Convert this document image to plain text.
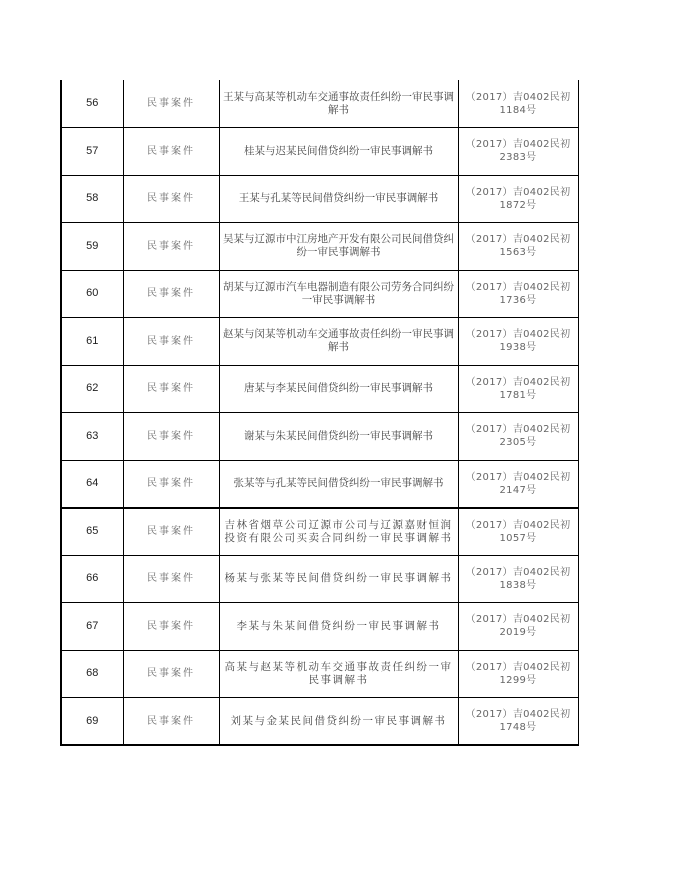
56	民事案件	王某与高某等机动车交通事故责任纠纷一审民事调解书	（2017）吉0402民初1184号
57	民事案件	桂某与迟某民间借贷纠纷一审民事调解书	（2017）吉0402民初2383号
58	民事案件	王某与孔某等民间借贷纠纷一审民事调解书	（2017）吉0402民初1872号
59	民事案件	吴某与辽源市中江房地产开发有限公司民间借贷纠纷一审民事调解书	（2017）吉0402民初1563号
60	民事案件	胡某与辽源市汽车电器制造有限公司劳务合同纠纷一审民事调解书	（2017）吉0402民初1736号
61	民事案件	赵某与闵某等机动车交通事故责任纠纷一审民事调解书	（2017）吉0402民初1938号
62	民事案件	唐某与李某民间借贷纠纷一审民事调解书	（2017）吉0402民初1781号
63	民事案件	谢某与朱某民间借贷纠纷一审民事调解书	（2017）吉0402民初2305号
64	民事案件	张某等与孔某等民间借贷纠纷一审民事调解书	（2017）吉0402民初2147号
65	民事案件	吉林省烟草公司辽源市公司与辽源嘉财恒润投资有限公司买卖合同纠纷一审民事调解书	（2017）吉0402民初1057号
66	民事案件	杨某与张某等民间借贷纠纷一审民事调解书	（2017）吉0402民初1838号
67	民事案件	李某与朱某间借贷纠纷一审民事调解书	（2017）吉0402民初2019号
68	民事案件	高某与赵某等机动车交通事故责任纠纷一审民事调解书	（2017）吉0402民初1299号
69	民事案件	刘某与金某民间借贷纠纷一审民事调解书	（2017）吉0402民初1748号
